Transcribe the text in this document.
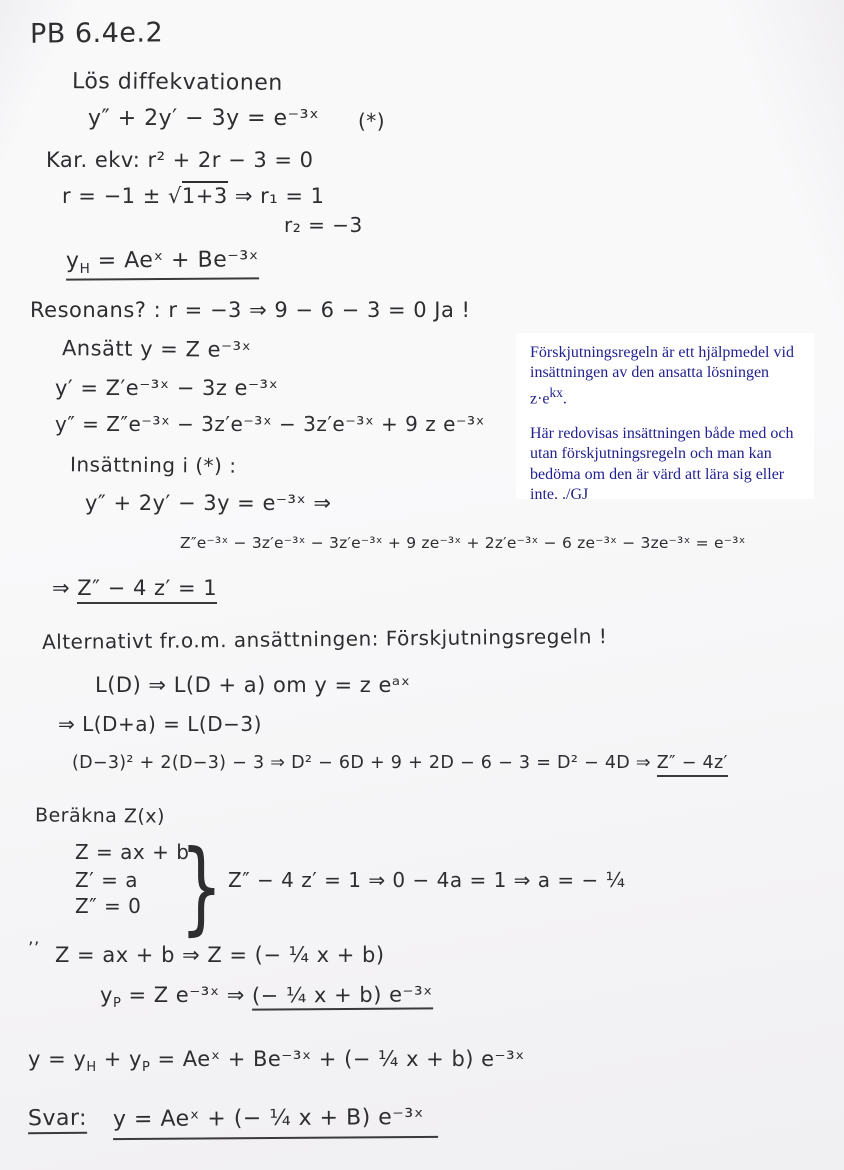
PB 6.4e.2
Lös diffekvationen
y″ + 2y′ − 3y = e⁻³ˣ (*)
Kar. ekv: r² + 2r − 3 = 0
r = −1 ± √1+3 ⇒ r₁ = 1
r₂ = −3
$y_H$ = Aeˣ + Be⁻³ˣ
Resonans? : r = −3 ⇒ 9 − 6 − 3 = 0 Ja !
Ansätt y = Z e⁻³ˣ
y′ = Z′e⁻³ˣ − 3z e⁻³ˣ
y″ = Z″e⁻³ˣ − 3z′e⁻³ˣ − 3z′e⁻³ˣ + 9 z e⁻³ˣ
Insättning i (*) :
y″ + 2y′ − 3y = e⁻³ˣ ⇒
Z″e⁻³ˣ − 3z′e⁻³ˣ − 3z′e⁻³ˣ + 9 ze⁻³ˣ + 2z′e⁻³ˣ − 6 ze⁻³ˣ − 3ze⁻³ˣ = e⁻³ˣ
⇒ Z″ − 4 z′ = 1
Alternativt fr.o.m. ansättningen: Förskjutningsregeln !
L(D) ⇒ L(D + a) om y = z eᵃˣ
⇒ L(D+a) = L(D−3)
(D−3)² + 2(D−3) − 3 ⇒ D² − 6D + 9 + 2D − 6 − 3 = D² − 4D ⇒ Z″ − 4z′
Beräkna Z(x)
Z = ax + b
Z′ = a
Z″ = 0 } Z″ − 4 z′ = 1 ⇒ 0 − 4a = 1 ⇒ a = − ¼
’’ Z = ax + b ⇒ Z = (− ¼ x + b)
$y_P = Z$ e⁻³ˣ ⇒ (− ¼ x + b) e⁻³ˣ
$y = y_H + y_P$ = Aeˣ + Be⁻³ˣ + (− ¼ x + b) e⁻³ˣ
Svar: y = Aeˣ + (− ¼ x + B) e⁻³ˣ

Förskjutningsregeln är ett hjälpmedel vid insättningen av den ansatta lösningen $z\cdot e^{kx}$.

Här redovisas insättningen både med och utan förskjutningsregeln och man kan bedöma om den är värd att lära sig eller inte. ./GJ
